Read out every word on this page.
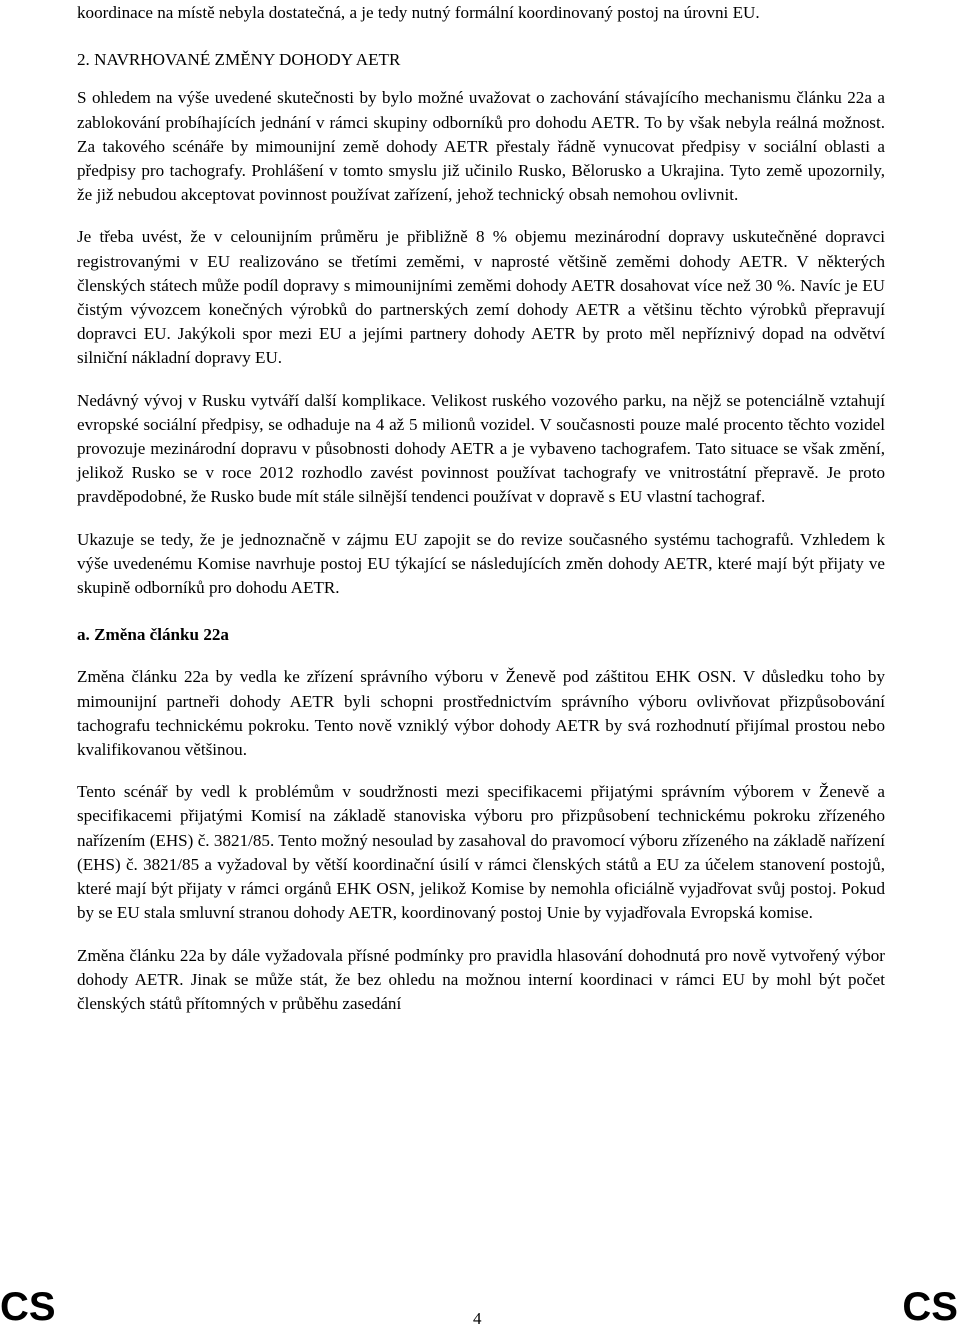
koordinace na místě nebyla dostatečná, a je tedy nutný formální koordinovaný postoj na úrovni EU.

2. NAVRHOVANÉ ZMĚNY DOHODY AETR

S ohledem na výše uvedené skutečnosti by bylo možné uvažovat o zachování stávajícího mechanismu článku 22a a zablokování probíhajících jednání v rámci skupiny odborníků pro dohodu AETR. To by však nebyla reálná možnost. Za takového scénáře by mimounijní země dohody AETR přestaly řádně vynucovat předpisy v sociální oblasti a předpisy pro tachografy. Prohlášení v tomto smyslu již učinilo Rusko, Bělorusko a Ukrajina. Tyto země upozornily, že již nebudou akceptovat povinnost používat zařízení, jehož technický obsah nemohou ovlivnit.

Je třeba uvést, že v celounijním průměru je přibližně 8 % objemu mezinárodní dopravy uskutečněné dopravci registrovanými v EU realizováno se třetími zeměmi, v naprosté většině zeměmi dohody AETR. V některých členských státech může podíl dopravy s mimounijními zeměmi dohody AETR dosahovat více než 30 %. Navíc je EU čistým vývozcem konečných výrobků do partnerských zemí dohody AETR a většinu těchto výrobků přepravují dopravci EU. Jakýkoli spor mezi EU a jejími partnery dohody AETR by proto měl nepříznivý dopad na odvětví silniční nákladní dopravy EU.

Nedávný vývoj v Rusku vytváří další komplikace. Velikost ruského vozového parku, na nějž se potenciálně vztahují evropské sociální předpisy, se odhaduje na 4 až 5 milionů vozidel. V současnosti pouze malé procento těchto vozidel provozuje mezinárodní dopravu v působnosti dohody AETR a je vybaveno tachografem. Tato situace se však změní, jelikož Rusko se v roce 2012 rozhodlo zavést povinnost používat tachografy ve vnitrostátní přepravě. Je proto pravděpodobné, že Rusko bude mít stále silnější tendenci používat v dopravě s EU vlastní tachograf.

Ukazuje se tedy, že je jednoznačně v zájmu EU zapojit se do revize současného systému tachografů. Vzhledem k výše uvedenému Komise navrhuje postoj EU týkající se následujících změn dohody AETR, které mají být přijaty ve skupině odborníků pro dohodu AETR.

a. Změna článku 22a

Změna článku 22a by vedla ke zřízení správního výboru v Ženevě pod záštitou EHK OSN. V důsledku toho by mimounijní partneři dohody AETR byli schopni prostřednictvím správního výboru ovlivňovat přizpůsobování tachografu technickému pokroku. Tento nově vzniklý výbor dohody AETR by svá rozhodnutí přijímal prostou nebo kvalifikovanou většinou.

Tento scénář by vedl k problémům v soudržnosti mezi specifikacemi přijatými správním výborem v Ženevě a specifikacemi přijatými Komisí na základě stanoviska výboru pro přizpůsobení technickému pokroku zřízeného nařízením (EHS) č. 3821/85. Tento možný nesoulad by zasahoval do pravomocí výboru zřízeného na základě nařízení (EHS) č. 3821/85 a vyžadoval by větší koordinační úsilí v rámci členských států a EU za účelem stanovení postojů, které mají být přijaty v rámci orgánů EHK OSN, jelikož Komise by nemohla oficiálně vyjadřovat svůj postoj. Pokud by se EU stala smluvní stranou dohody AETR, koordinovaný postoj Unie by vyjadřovala Evropská komise.

Změna článku 22a by dále vyžadovala přísné podmínky pro pravidla hlasování dohodnutá pro nově vytvořený výbor dohody AETR. Jinak se může stát, že bez ohledu na možnou interní koordinaci v rámci EU by mohl být počet členských států přítomných v průběhu zasedání

CS	4	CS
